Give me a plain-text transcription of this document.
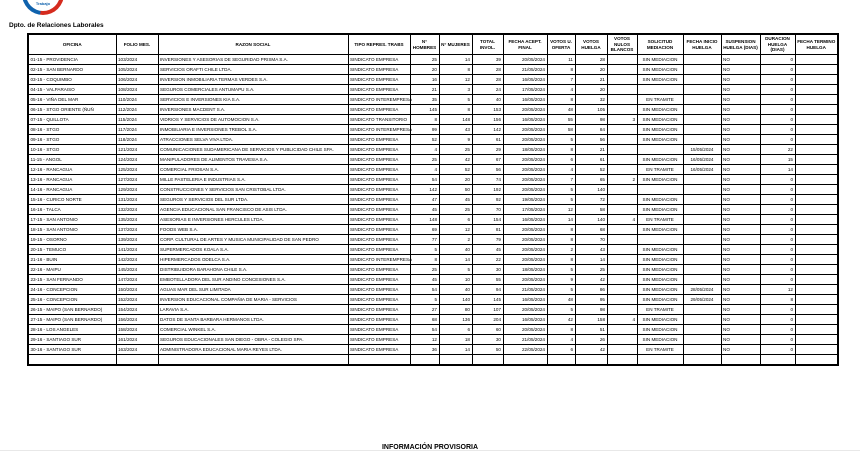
Trabajo
Dpto. de Relaciones Laborales
OFICINA	FOLIO MES.	RAZON SOCIAL	TIPO REPRES. TRABS	N° HOMBRES	N° MUJERES	TOTAL INVOL.	FECHA ACEPT. FINAL	VOTOS U. OFERTA	VOTOS HUELGA	VOTOS NULOS BLANCOS	SOLICITUD MEDIACION	FECHA INICIO HUELGA	SUSPENSION HUELGA (DIAS)	DURACION HUELGA (DIAS)	FECHA TERMINO HUELGA
01-15 - PROVIDENCIA	103/2024	INVERSIONES Y ASESORIAS DE SEGURIDAD PRISMA S.A.	SINDICATO EMPRESA	25	14	39	20/05/2024	11	28		SIN MEDIACION		NO	0	
02-15 - SAN BERNARDO	105/2024	SERVICIOS ORAFTI CHILE LTDA.	SINDICATO EMPRESA	20	8	28	21/05/2024	8	20		SIN MEDIACION		NO	0	
03-15 - COQUIMBO	106/2024	INVERSION INMOBILIARIA TERMAS VERDES S.A.	SINDICATO EMPRESA	16	12	28	16/05/2024	7	21		SIN MEDIACION		NO	0	
04-15 - VALPARAISO	108/2024	SEGUROS COMERCIALES ANTUMAPU S.A.	SINDICATO EMPRESA	21	3	24	17/05/2024	4	20				NO	0	
05-16 - VIÑA DEL MAR	110/2024	SERVICIOS E INVERSIONES KIA S.A.	SINDICATO INTEREMPRESA	35	5	40	16/05/2024	8	32		EN TRAMITE		NO	0	
06-15 - STGO ORIENTE (ÑUÑ	112/2024	INVERSIONES MACDENT S.A.	SINDICATO EMPRESA	145	8	153	20/05/2024	48	105		SIN MEDIACION		NO	0	
07-15 - QUILLOTA	115/2024	VIDRIOS Y SERVICIOS DE AUTOMOCION S.A.	SINDICATO TRANSITORIO	8	148	156	16/05/2024	55	98	3	SIN MEDIACION		NO	0	
08-16 - STGO	117/2024	INMOBILIARIA E INVERSIONES TREBOL S.A.	SINDICATO INTEREMPRESA	99	43	142	20/05/2024	58	84		SIN MEDIACION		NO	0	
09-16 - STGO	118/2024	ATRACCIONES SELVA VIVA LTDA.	SINDICATO EMPRESA	52	9	61	20/05/2024	5	56		SIN MEDIACION		NO	0	
10-16 - STGO	121/2024	COMUNICACIONES SUDAMERICANA DE SERVICIOS Y PUBLICIDAD CHILE SPA.	SINDICATO EMPRESA	4	25	29	18/05/2024	8	21			15/05/2024	NO	22	
11-15 - ANGOL	124/2024	MANIPULADORES DE ALIMENTOS TRAVESIA S.A.	SINDICATO EMPRESA	25	42	67	20/05/2024	6	61		SIN MEDIACION	16/05/2024	NO	15	
12-16 - RANCAGUA	125/2024	COMERCIAL FRIOSAN S.A.	SINDICATO EMPRESA	4	52	56	20/05/2024	4	52		EN TRAMITE	16/05/2024	NO	14	
13-16 - RANCAGUA	127/2024	MILLE PASTELERIA E INDUSTRIAS S.A.	SINDICATO EMPRESA	54	20	74	20/05/2024	7	65	2	SIN MEDIACION		NO	0	
14-16 - RANCAGUA	129/2024	CONSTRUCCIONES Y SERVICIOS SAN CRISTOBAL LTDA.	SINDICATO EMPRESA	142	50	192	20/05/2024	5	140				NO	0	
15-16 - CURICO NORTE	131/2024	SEGUROS Y SERVICIOS DEL SUR LTDA.	SINDICATO EMPRESA	47	45	92	19/05/2024	5	72		SIN MEDIACION		NO	0	
16-16 - TALCA	132/2024	AGENCIA EDUCACIONAL SAN FRANCISCO DE ASIS LTDA.	SINDICATO EMPRESA	45	25	70	17/05/2024	12	58		SIN MEDIACION		NO	0	
17-15 - SAN ANTONIO	135/2024	ASESORIAS E INVERSIONES HERCULES LTDA.	SINDICATO EMPRESA	148	6	154	16/05/2024	14	140	4	EN TRAMITE		NO	0	
18-15 - SAN ANTONIO	137/2024	FOODS WEB S.A.	SINDICATO EMPRESA	69	12	81	20/05/2024	8	68		SIN MEDIACION		NO	0	
19-15 - OSORNO	139/2024	CORP. CULTURAL DE ARTES Y MUSICA MUNICIPALIDAD DE SAN PEDRO	SINDICATO EMPRESA	77	2	79	20/05/2024	8	70				NO	0	
20-15 - TEMUCO	141/2024	SUPERMERCADOS KOALA S.A.	SINDICATO EMPRESA	5	40	45	20/05/2024	2	43		SIN MEDIACION		NO	0	
21-16 - BUIN	142/2024	HIPERMERCADOS ODELCA S.A.	SINDICATO INTEREMPRESA	8	14	22	20/05/2024	8	14		SIN MEDIACION		NO	0	
22-16 - MAIPU	145/2024	DISTRIBUIDORA BARAHONA CHILE S.A.	SINDICATO EMPRESA	25	5	30	18/05/2024	5	25		SIN MEDIACION		NO	0	
23-15 - SAN FERNANDO	147/2024	EMBOTELLADORA DEL SUR ANDINO CONCESIONES S.A.	SINDICATO EMPRESA	45	10	55	20/05/2024	9	42		SIN MEDIACION		NO	0	
24-16 - CONCEPCION	150/2024	AGUAS MAR DEL SUR LIMITADA	SINDICATO EMPRESA	54	40	94	21/05/2024	5	86		SIN MEDIACION	28/05/2024	NO	12	
25-16 - CONCEPCION	152/2024	INVERSION EDUCACIONAL COMPAÑIA DE MARIA - SERVICIOS	SINDICATO EMPRESA	5	140	145	16/05/2024	48	95		SIN MEDIACION	29/05/2024	NO	8	
26-15 - MAIPO (SAN BERNARDO)	154/2024	LARAVIA S.A.	SINDICATO EMPRESA	27	80	107	20/05/2024	5	98		EN TRAMITE		NO	0	
27-15 - MAIPO (SAN BERNARDO)	156/2024	DATOS DE SANTA BARBARA HERMANOS LTDA.	SINDICATO EMPRESA	68	136	204	16/05/2024	42	158	4	SIN MEDIACION		NO	0	
28-16 - LOS ANGELES	158/2024	COMERCIAL WINKEL S.A.	SINDICATO EMPRESA	54	6	60	20/05/2024	8	51		SIN MEDIACION		NO	0	
29-16 - SANTIAGO SUR	161/2024	SEGUROS EDUCACIONALES SAN DIEGO - OBRA - COLEGIO SPA.	SINDICATO EMPRESA	12	18	30	21/05/2024	4	26		SIN MEDIACION		NO	0	
30-16 - SANTIAGO SUR	163/2024	ADMINISTRADORA EDUCACIONAL MARIA REYES LTDA.	SINDICATO EMPRESA	36	14	50	22/05/2024	6	42		EN TRAMITE		NO	0	

INFORMACIÓN PROVISORIA
